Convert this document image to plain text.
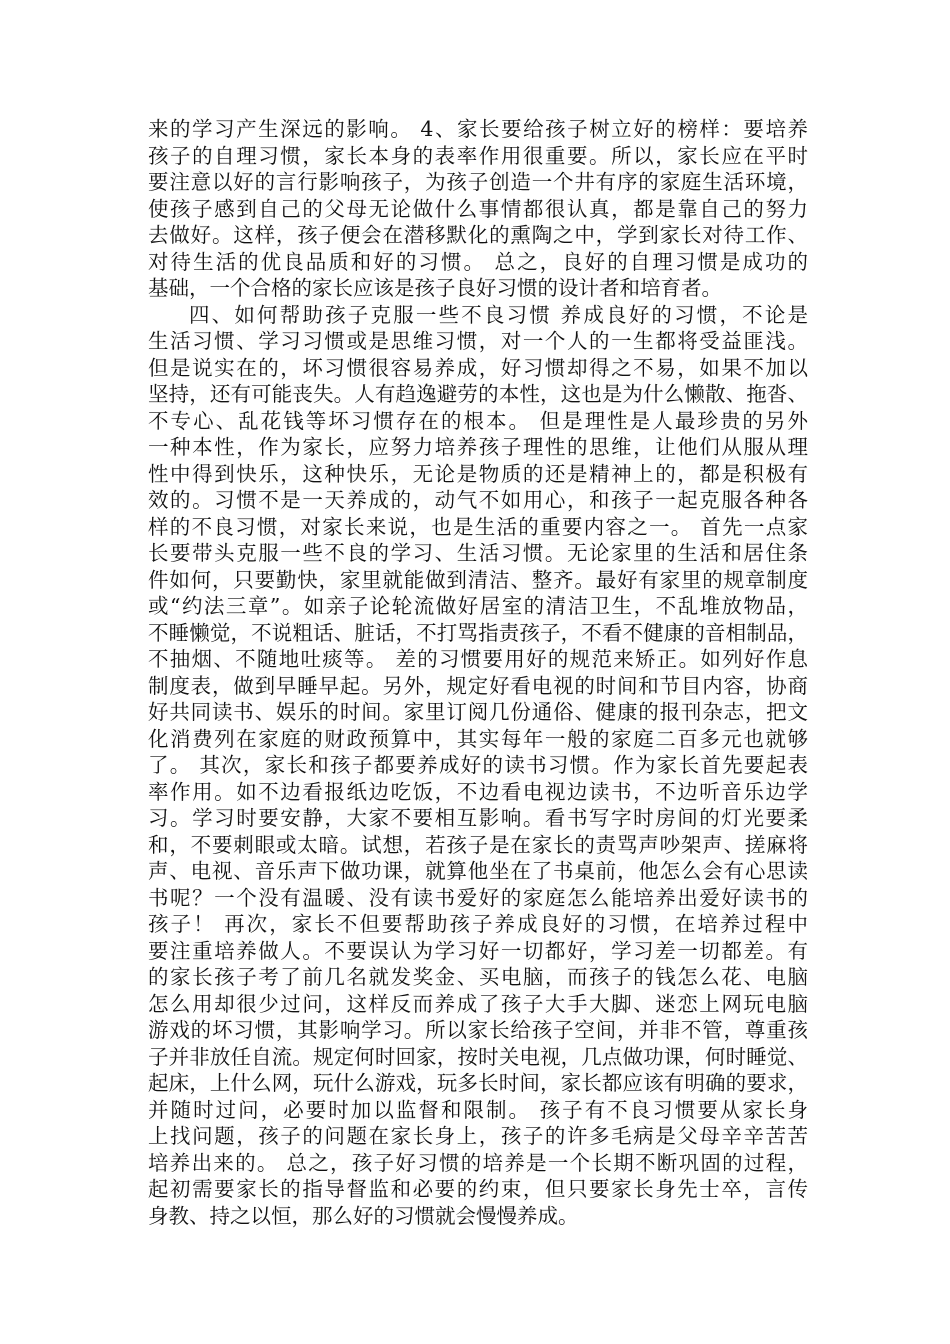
来的学习产生深远的影响。 4、家长要给孩子树立好的榜样：要培养
孩子的自理习惯，家长本身的表率作用很重要。所以，家长应在平时
要注意以好的言行影响孩子，为孩子创造一个井有序的家庭生活环境，
使孩子感到自己的父母无论做什么事情都很认真，都是靠自己的努力
去做好。这样，孩子便会在潜移默化的熏陶之中，学到家长对待工作、
对待生活的优良品质和好的习惯。 总之，良好的自理习惯是成功的
基础，一个合格的家长应该是孩子良好习惯的设计者和培育者。
四、如何帮助孩子克服一些不良习惯 养成良好的习惯，不论是
生活习惯、学习习惯或是思维习惯，对一个人的一生都将受益匪浅。
但是说实在的，坏习惯很容易养成，好习惯却得之不易，如果不加以
坚持，还有可能丧失。人有趋逸避劳的本性，这也是为什么懒散、拖沓、
不专心、乱花钱等坏习惯存在的根本。 但是理性是人最珍贵的另外
一种本性，作为家长，应努力培养孩子理性的思维，让他们从服从理
性中得到快乐，这种快乐，无论是物质的还是精神上的，都是积极有
效的。习惯不是一天养成的，动气不如用心，和孩子一起克服各种各
样的不良习惯，对家长来说，也是生活的重要内容之一。 首先一点家
长要带头克服一些不良的学习、生活习惯。无论家里的生活和居住条
件如何，只要勤快，家里就能做到清洁、整齐。最好有家里的规章制度
或“约法三章”。如亲子论轮流做好居室的清洁卫生，不乱堆放物品，
不睡懒觉，不说粗话、脏话，不打骂指责孩子，不看不健康的音相制品，
不抽烟、不随地吐痰等。 差的习惯要用好的规范来矫正。如列好作息
制度表，做到早睡早起。另外，规定好看电视的时间和节目内容，协商
好共同读书、娱乐的时间。家里订阅几份通俗、健康的报刊杂志，把文
化消费列在家庭的财政预算中，其实每年一般的家庭二百多元也就够
了。 其次，家长和孩子都要养成好的读书习惯。作为家长首先要起表
率作用。如不边看报纸边吃饭，不边看电视边读书，不边听音乐边学
习。学习时要安静，大家不要相互影响。看书写字时房间的灯光要柔
和，不要刺眼或太暗。试想，若孩子是在家长的责骂声吵架声、搓麻将
声、电视、音乐声下做功课，就算他坐在了书桌前，他怎么会有心思读
书呢？一个没有温暖、没有读书爱好的家庭怎么能培养出爱好读书的
孩子！ 再次，家长不但要帮助孩子养成良好的习惯，在培养过程中
要注重培养做人。不要误认为学习好一切都好，学习差一切都差。有
的家长孩子考了前几名就发奖金、买电脑，而孩子的钱怎么花、电脑
怎么用却很少过问，这样反而养成了孩子大手大脚、迷恋上网玩电脑
游戏的坏习惯，其影响学习。所以家长给孩子空间，并非不管，尊重孩
子并非放任自流。规定何时回家，按时关电视，几点做功课，何时睡觉、
起床，上什么网，玩什么游戏，玩多长时间，家长都应该有明确的要求，
并随时过问，必要时加以监督和限制。 孩子有不良习惯要从家长身
上找问题，孩子的问题在家长身上，孩子的许多毛病是父母辛辛苦苦
培养出来的。 总之，孩子好习惯的培养是一个长期不断巩固的过程，
起初需要家长的指导督监和必要的约束，但只要家长身先士卒，言传
身教、持之以恒，那么好的习惯就会慢慢养成。
